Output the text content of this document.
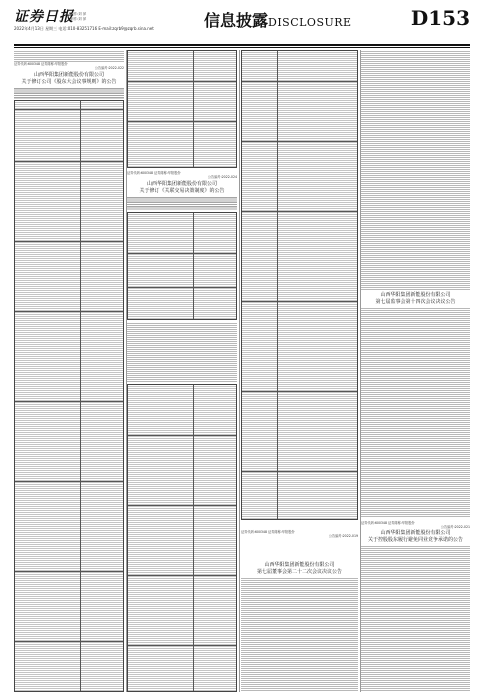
证券日报
制作:刘 萍
制作:刘 萍
2022年4月13日 星期三 电话:010-83251716 E-mail:zqrb9@zqrb.sina.net	信息披露DISCLOSURE	D153
证券代码:600348 证券简称:华阳股份
公告编号:2022-022
山西华阳集团新能股份有限公司
关于修订公司《股东大会议事规则》的公告
证券代码:600348 证券简称:华阳股份
公告编号:2022-024
山西华阳集团新能股份有限公司
关于修订《关联交易决策制度》的公告
证券代码:600348 证券简称:华阳股份
公告编号:2022-019
山西华阳集团新能股份有限公司
第七届董事会第二十二次会议决议公告
山西华阳集团新能股份有限公司
第七届监事会第十四次会议决议公告
证券代码:600348 证券简称:华阳股份
公告编号:2022-021
山西华阳集团新能股份有限公司
关于控股股东履行避免同业竞争承诺的公告
